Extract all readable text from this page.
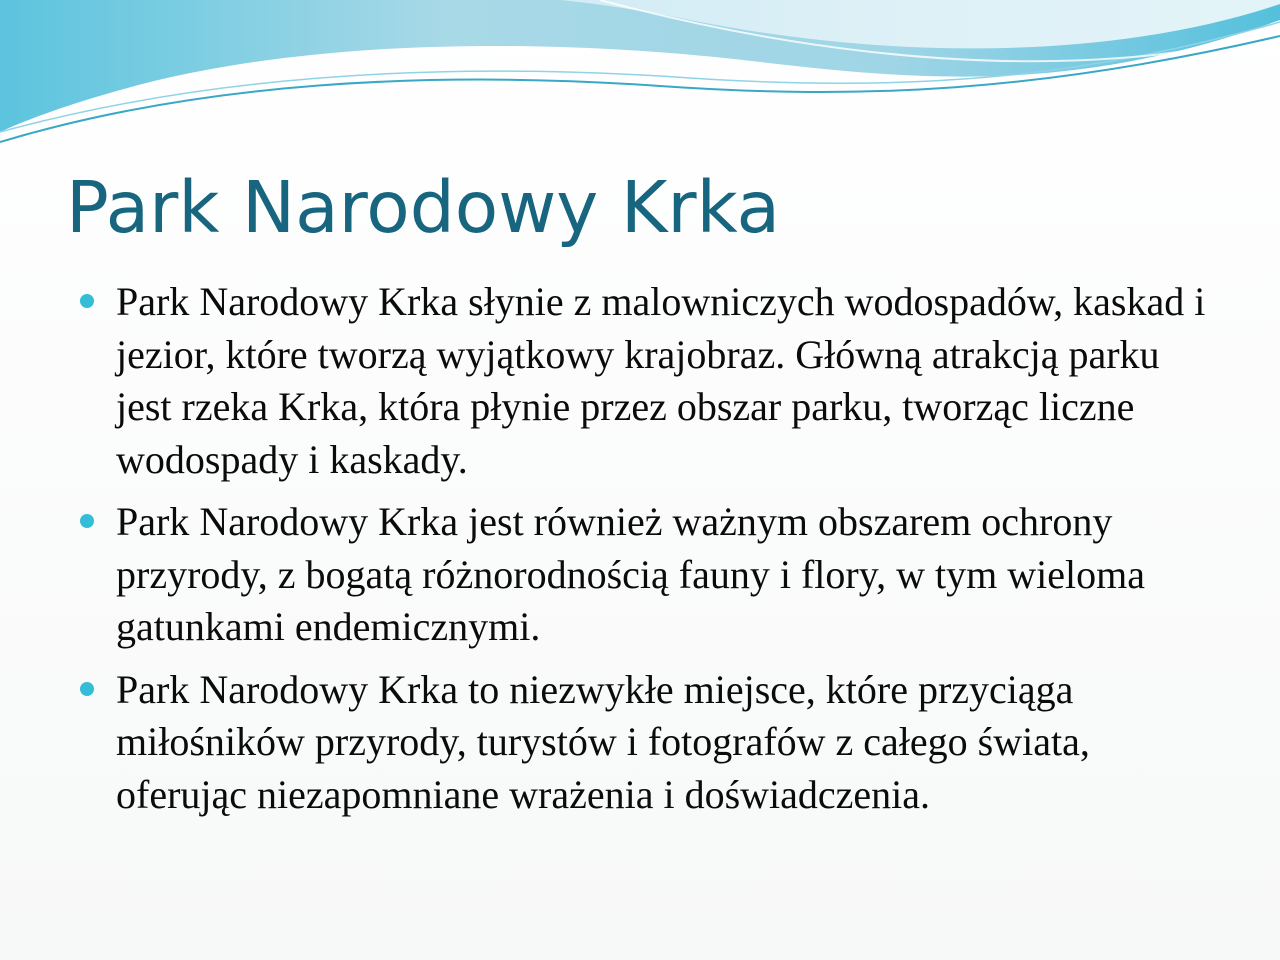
Park Narodowy Krka
Park Narodowy Krka słynie z malowniczych wodospadów, kaskad i jezior, które tworzą wyjątkowy krajobraz. Główną atrakcją parku jest rzeka Krka, która płynie przez obszar parku, tworząc liczne wodospady i kaskady.
Park Narodowy Krka jest również ważnym obszarem ochrony przyrody, z bogatą różnorodnością fauny i flory, w tym wieloma gatunkami endemicznymi.
Park Narodowy Krka to niezwykłe miejsce, które przyciąga miłośników przyrody, turystów i fotografów z całego świata, oferując niezapomniane wrażenia i doświadczenia.
